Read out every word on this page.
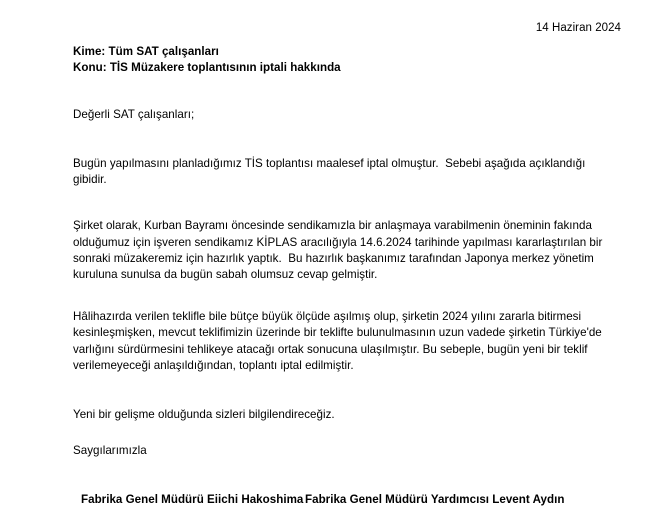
14 Haziran 2024
Kime: Tüm SAT çalışanları
Konu: TİS Müzakere toplantısının iptali hakkında
Değerli SAT çalışanları;
Bugün yapılmasını planladığımız TİS toplantısı maalesef iptal olmuştur.  Sebebi aşağıda açıklandığı gibidir.
Şirket olarak, Kurban Bayramı öncesinde sendikamızla bir anlaşmaya varabilmenin öneminin fakında olduğumuz için işveren sendikamız KİPLAS aracılığıyla 14.6.2024 tarihinde yapılması kararlaştırılan bir sonraki müzakeremiz için hazırlık yaptık.  Bu hazırlık başkanımız tarafından Japonya merkez yönetim kuruluna sunulsa da bugün sabah olumsuz cevap gelmiştir.
Hâlihazırda verilen teklifle bile bütçe büyük ölçüde aşılmış olup, şirketin 2024 yılını zararla bitirmesi kesinleşmişken, mevcut teklifimizin üzerinde bir teklifte bulunulmasının uzun vadede şirketin Türkiye'de varlığını sürdürmesini tehlikeye atacağı ortak sonucuna ulaşılmıştır. Bu sebeple, bugün yeni bir teklif verilemeyeceği anlaşıldığından, toplantı iptal edilmiştir.
Yeni bir gelişme olduğunda sizleri bilgilendireceğiz.
Saygılarımızla
Fabrika Genel Müdürü Eiichi Hakoshima Fabrika Genel Müdürü Yardımcısı Levent Aydın
